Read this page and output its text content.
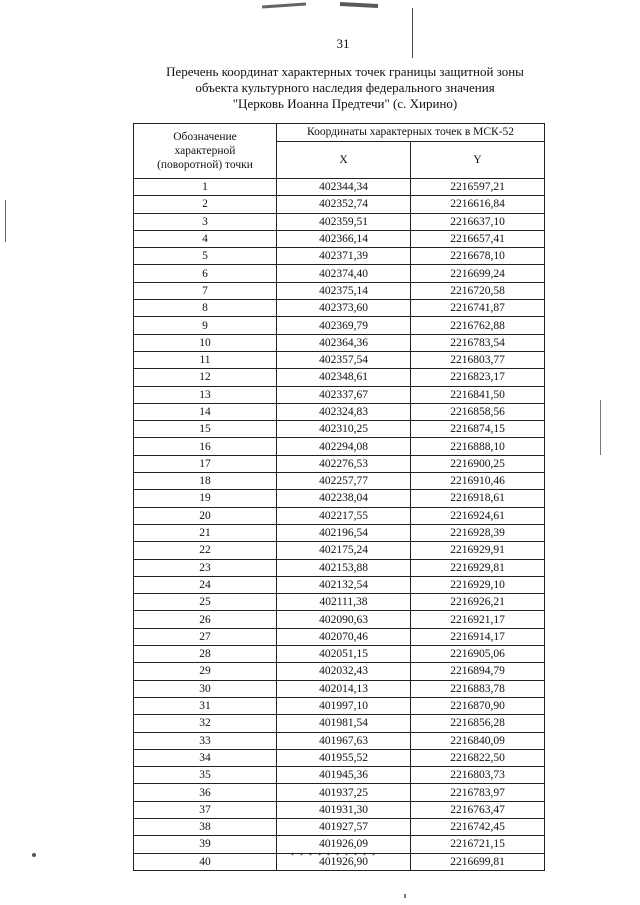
31
Перечень координат характерных точек границы защитной зоны
объекта культурного наследия федерального значения
"Церковь Иоанна Предтечи" (с. Хирино)
Обозначение
характерной
(поворотной) точки	Координаты характерных точек в МСК-52	
	X	Y
1	402344,34	2216597,21
2	402352,74	2216616,84
3	402359,51	2216637,10
4	402366,14	2216657,41
5	402371,39	2216678,10
6	402374,40	2216699,24
7	402375,14	2216720,58
8	402373,60	2216741,87
9	402369,79	2216762,88
10	402364,36	2216783,54
11	402357,54	2216803,77
12	402348,61	2216823,17
13	402337,67	2216841,50
14	402324,83	2216858,56
15	402310,25	2216874,15
16	402294,08	2216888,10
17	402276,53	2216900,25
18	402257,77	2216910,46
19	402238,04	2216918,61
20	402217,55	2216924,61
21	402196,54	2216928,39
22	402175,24	2216929,91
23	402153,88	2216929,81
24	402132,54	2216929,10
25	402111,38	2216926,21
26	402090,63	2216921,17
27	402070,46	2216914,17
28	402051,15	2216905,06
29	402032,43	2216894,79
30	402014,13	2216883,78
31	401997,10	2216870,90
32	401981,54	2216856,28
33	401967,63	2216840,09
34	401955,52	2216822,50
35	401945,36	2216803,73
36	401937,25	2216783,97
37	401931,30	2216763,47
38	401927,57	2216742,45
39	401926,09	2216721,15
40	401926,90	2216699,81
